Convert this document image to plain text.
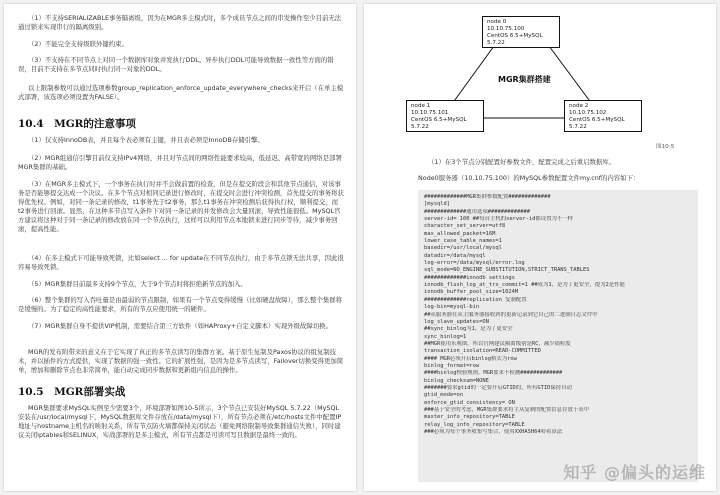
（1）不支持SERIALIZABLE事务隔离级，因为在MGR多主模式时，多个成员节点之间的串发操作至少目前无法通过锁来实现串行的隔离级别。
（2）不能完全支持级联外键约束。
（3）不支持在不同节点上对同一个数据库对象并发执行DDL。异步执行DDL可能导致数据一致性等方面的错误，目前不支持在多节点同时执行同一对象的DDL。
以上限制参数可以通过选项参数group_replication_enforce_update_everywhere_checks来开启（在单主模式部署，该选项必须设置为FALSE）。
10.4　MGR的注意事项
（1）仅支持InnoDB表，并且每个表必须有主键，并且表必须是InnoDB存储引擎。
（2）MGR组通信引擎目前仅支持IPv4网络，并且对节点间的网络性能要求较高，低延迟、高带宽的网络是部署MGR集群的基础。
（3）在MGR多主模式下，一个事务在执行时并不会做前置的检查，但是在提交阶段会和其他节点通信，对该事务是否能够提交达成一个决议。在多个节点对相同记录进行修改时，在提交时会进行冲突检测，首先提交的事务将获得优先权。例如，对同一条记录的修改，t1事务先于t2事务，那么t1事务在冲突检测后获得执行权，顺利提交，而t2事务进行回滚。显然，在这种多节点写入条件下对同一条记录的并发修改会大量回滚，导致性能很低。MySQL官方建议将这种对于同一条记录的修改放在同一个节点执行，这样可以利用节点本地锁来进行同步等待，减少事务回滚，提高性能。
（4）在多主模式下可能导致死锁，比如select ... for update在不同节点执行，由于多节点锁无法共享，因此很容易导致死锁。
（5）MGR集群目前最多支持9个节点，大于9个节点时将拒绝新节点的加入。
（6）整个集群的写入吞吐量是由最弱的节点限制，如果有一个节点变得缓慢（比如硬盘故障），那么整个集群将是缓慢的。为了稳定的高性能要求，所有的节点应使用统一的硬件。
（7）MGR集群自身不提供VIP机制，需要结合第三方软件（如HAProxy+自定义脚本）实现外级故障切换。
MGR的发布附带来的意义在于它实现了真正的多节点读写的集群方案。基于原生复制及Paxos协议的组复制技术，并以插件的方式提供，实现了数据的强一致性。它的扩展性强，是因为是多节点读写，Failover切换变得更加简单，增加和删除节点也非常简单，能自动完成同步数据和更新组内信息的操作。
10.5　MGR部署实战
MGR集群要求MySQL实例至少需要3个，环境部署如图10-5所示，3个节点已安装好MySQL 5.7.22（MySQL安装在/usr/local/mysql下，MySQL数据库文件存放在/data/mysql下），所有节点必须在/etc/hosts文件中配置IP地址与hostname主机名的映射关系，所有节点防火墙都保持关闭状态（避免网络限制导致集群通信失败），同时建议关闭iptables和SELINUX，实战部署的是多主模式，所有节点都是可读可写且数据是最终一致的。
node 0
10.10.75.100
CentOS 6.5+MySQL 5.7.22
MGR集群搭建
node 1
10.10.75.101
CentOS 6.5+MySQL 5.7.22
node 2
10.10.75.102
CentOS 6.5+MySQL 5.7.22
图10-5
（1）在3个节点分别配置好参数文件，配置完成之后重启数据库。
Node0服务器（10.10.75.100）的MySQL参数配置文件my.cnf的内容如下：
#############MGR集群参数配置#############
[mysqld]
#############通用选项#############
server-id= 100 ##每台主机的server-id都设置为不一样
character_set_server=utf8
max_allowed_packet=16M
lower_case_table_names=1
basedir=/usr/local/mysql
datadir=/data/mysql
log-error=/data/mysql/error.log
sql_mode=NO_ENGINE_SUBSTITUTION,STRICT_TRANS_TABLES
#############innodb settings
innodb_flush_log_at_trx_commit=1 ##成为1，是为了更安全，提为2是性能
innodb_buffer_pool_size=1024M
#############replication 复制配置
log-bin=mysql-bin
##从服务器在从主服务器接收到的更新记录到它自己的二进制日志文件中
log_slave_updates=ON
##sync_binlog为1，是为了更安全
sync_binlog=1
##MGR使用乐观锁，所以官网建议隔离级别是RC，减少锁粒度
transaction_isolation=READ-COMMITTED
#### MGR必须开启binlog格式为row
binlog_format=row
####binlog校验规则，MGR要求不检测#############
binlog_checksum=NONE
#######要求gtid的一定要开启GTID的，所有GTID保持自动
gtid_mode=on
enforce_gtid_consistency= ON
###基于安全的考虑，MGR集群要求将主从复制的配置信息存放于表中
master_info_repository=TABLE
relay_log_info_repository=TABLE
###必须为每个事务收集写集合，使用XXHASH64哈希算法
知乎 @偏头的运维
